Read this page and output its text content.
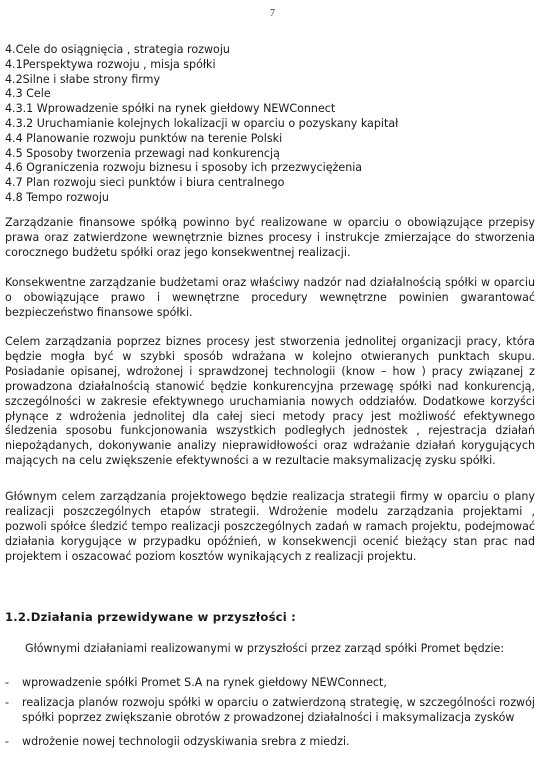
7
4.Cele do osiągnięcia , strategia rozwoju
4.1Perspektywa rozwoju , misja spółki
4.2Silne i słabe strony firmy
4.3 Cele
4.3.1 Wprowadzenie spółki na rynek giełdowy NEWConnect
4.3.2 Uruchamianie kolejnych lokalizacji w oparciu o pozyskany kapitał
4.4 Planowanie rozwoju punktów na terenie Polski
4.5 Sposoby tworzenia przewagi nad konkurencją
4.6 Ograniczenia rozwoju biznesu i sposoby ich przezwyciężenia
4.7 Plan rozwoju sieci punktów i biura centralnego
4.8 Tempo rozwoju

Zarządzanie finansowe spółką powinno być realizowane w oparciu o obowiązujące przepisy prawa oraz zatwierdzone wewnętrznie biznes procesy i instrukcje zmierzające do stworzenia corocznego budżetu spółki oraz jego konsekwentnej realizacji.

Konsekwentne zarządzanie budżetami oraz właściwy nadzór nad działalnością spółki w oparciu o obowiązujące prawo i wewnętrzne procedury wewnętrzne powinien gwarantować bezpieczeństwo finansowe spółki.

Celem zarządzania poprzez biznes procesy jest stworzenia jednolitej organizacji pracy, która będzie mogła być w szybki sposób wdrażana w kolejno otwieranych punktach skupu. Posiadanie opisanej, wdrożonej i sprawdzonej technologii (know – how ) pracy związanej z prowadzona działalnością stanowić będzie konkurencyjna przewagę spółki nad konkurencją, szczególności w zakresie efektywnego uruchamiania nowych oddziałów. Dodatkowe korzyści płynące z wdrożenia jednolitej dla całej sieci metody pracy jest możliwość efektywnego śledzenia sposobu funkcjonowania wszystkich podległych jednostek , rejestracja działań niepożądanych, dokonywanie analizy nieprawidłowości oraz wdrażanie działań korygujących mających na celu zwiększenie efektywności a w rezultacie maksymalizację zysku spółki.

Głównym celem zarządzania projektowego będzie realizacja strategii firmy w oparciu o plany realizacji poszczególnych etapów strategii. Wdrożenie modelu zarządzania projektami , pozwoli spółce śledzić tempo realizacji poszczególnych zadań w ramach projektu, podejmować działania korygujące w przypadku opóźnień, w konsekwencji ocenić bieżący stan prac nad projektem i oszacować poziom kosztów wynikających z realizacji projektu.

1.2.Działania przewidywane w przyszłości :
Głównymi działaniami realizowanymi w przyszłości przez zarząd spółki Promet będzie:
- wprowadzenie spółki Promet S.A na rynek giełdowy NEWConnect,
- realizacja planów rozwoju spółki w oparciu o zatwierdzoną strategię, w szczególności rozwój spółki poprzez zwiększanie obrotów z prowadzonej działalności i maksymalizacja zysków
- wdrożenie nowej technologii odzyskiwania srebra z miedzi.
